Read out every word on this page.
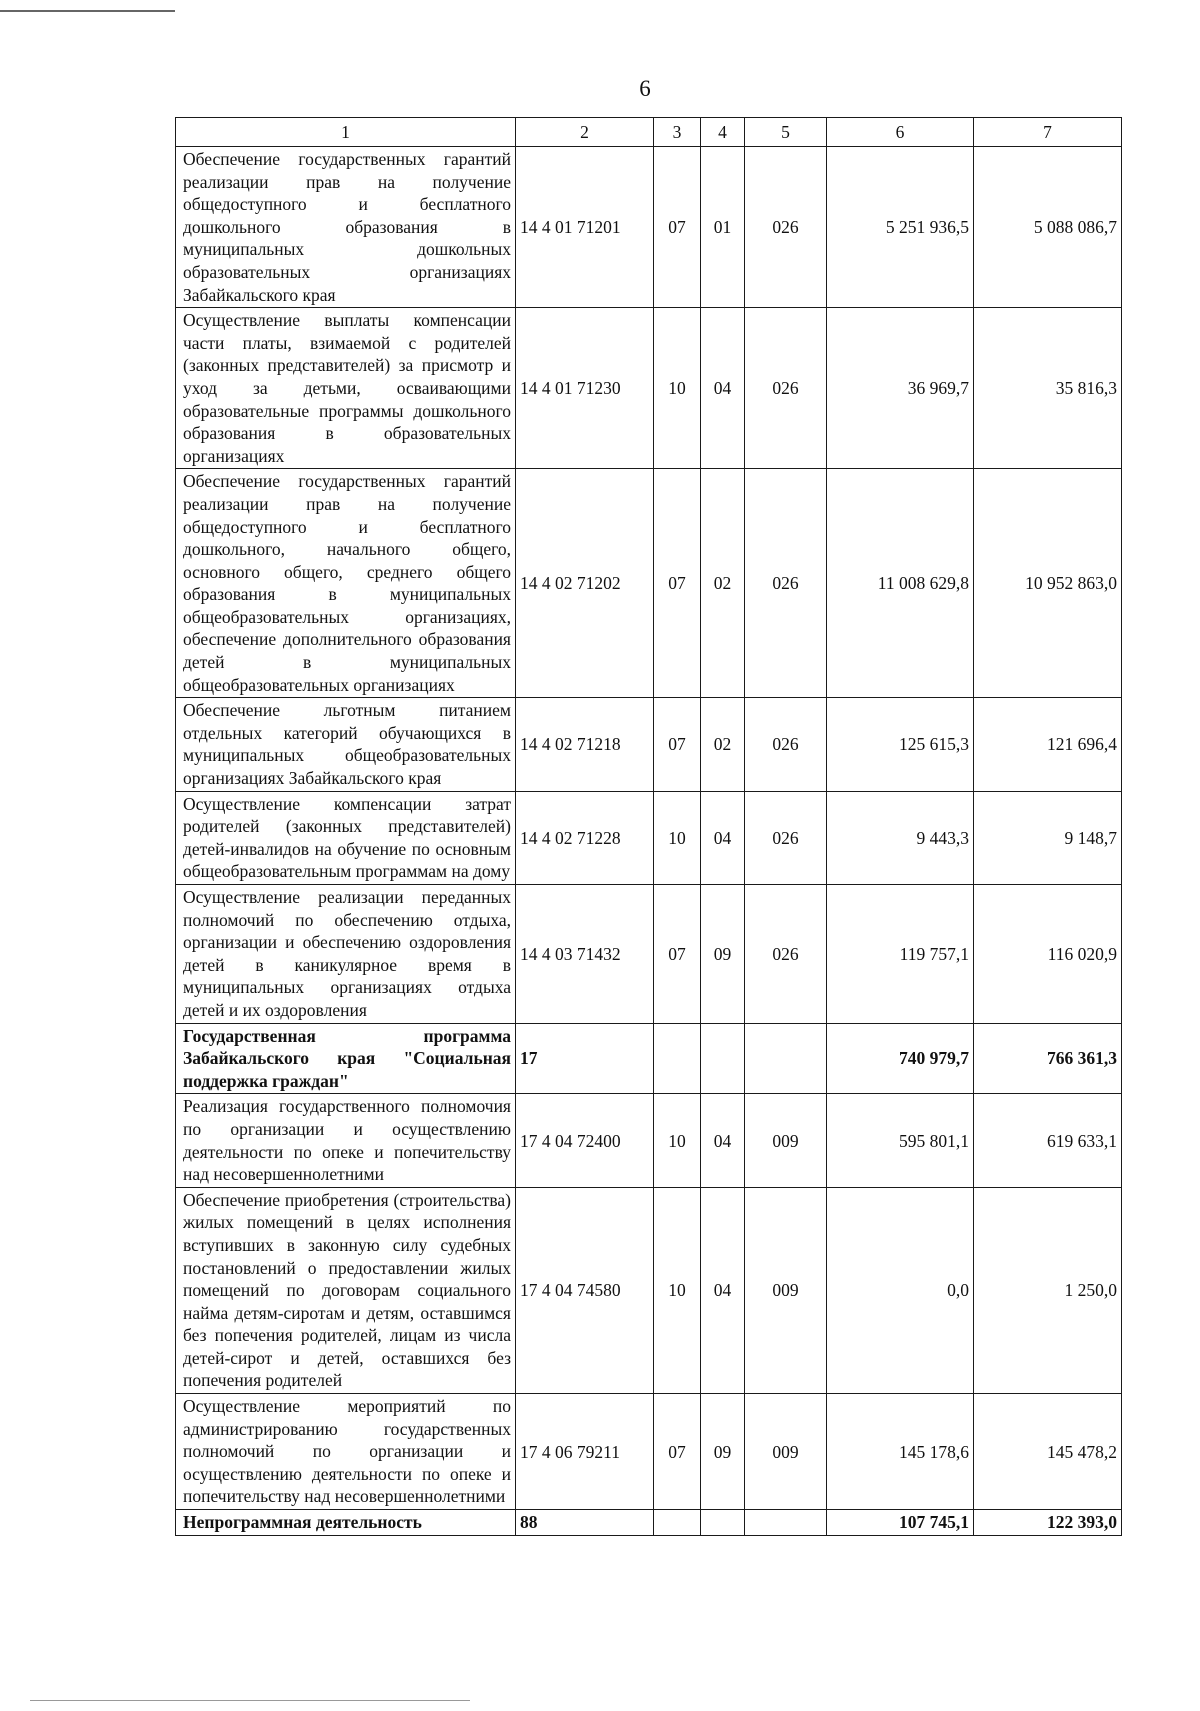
6
1	2	3	4	5	6	7
Обеспечение государственных гарантий реализации прав на получение общедоступного и бесплатного дошкольного образования в муниципальных дошкольных образовательных организациях Забайкальского края	14 4 01 71201	07	01	026	5 251 936,5	5 088 086,7
Осуществление выплаты компенсации части платы, взимаемой с родителей (законных представителей) за присмотр и уход за детьми, осваивающими образовательные программы дошкольного образования в образовательных организациях	14 4 01 71230	10	04	026	36 969,7	35 816,3
Обеспечение государственных гарантий реализации прав на получение общедоступного и бесплатного дошкольного, начального общего, основного общего, среднего общего образования в муниципальных общеобразовательных организациях, обеспечение дополнительного образования детей в муниципальных общеобразовательных организациях	14 4 02 71202	07	02	026	11 008 629,8	10 952 863,0
Обеспечение льготным питанием отдельных категорий обучающихся в муниципальных общеобразовательных организациях Забайкальского края	14 4 02 71218	07	02	026	125 615,3	121 696,4
Осуществление компенсации затрат родителей (законных представителей) детей-инвалидов на обучение по основным общеобразовательным программам на дому	14 4 02 71228	10	04	026	9 443,3	9 148,7
Осуществление реализации переданных полномочий по обеспечению отдыха, организации и обеспечению оздоровления детей в каникулярное время в муниципальных организациях отдыха детей и их оздоровления	14 4 03 71432	07	09	026	119 757,1	116 020,9
Государственная программа Забайкальского края "Социальная поддержка граждан"	17				740 979,7	766 361,3
Реализация государственного полномочия по организации и осуществлению деятельности по опеке и попечительству над несовершеннолетними	17 4 04 72400	10	04	009	595 801,1	619 633,1
Обеспечение приобретения (строительства) жилых помещений в целях исполнения вступивших в законную силу судебных постановлений о предоставлении жилых помещений по договорам социального найма детям-сиротам и детям, оставшимся без попечения родителей, лицам из числа детей-сирот и детей, оставшихся без попечения родителей	17 4 04 74580	10	04	009	0,0	1 250,0
Осуществление мероприятий по администрированию государственных полномочий по организации и осуществлению деятельности по опеке и попечительству над несовершеннолетними	17 4 06 79211	07	09	009	145 178,6	145 478,2
Непрограммная деятельность	88				107 745,1	122 393,0
